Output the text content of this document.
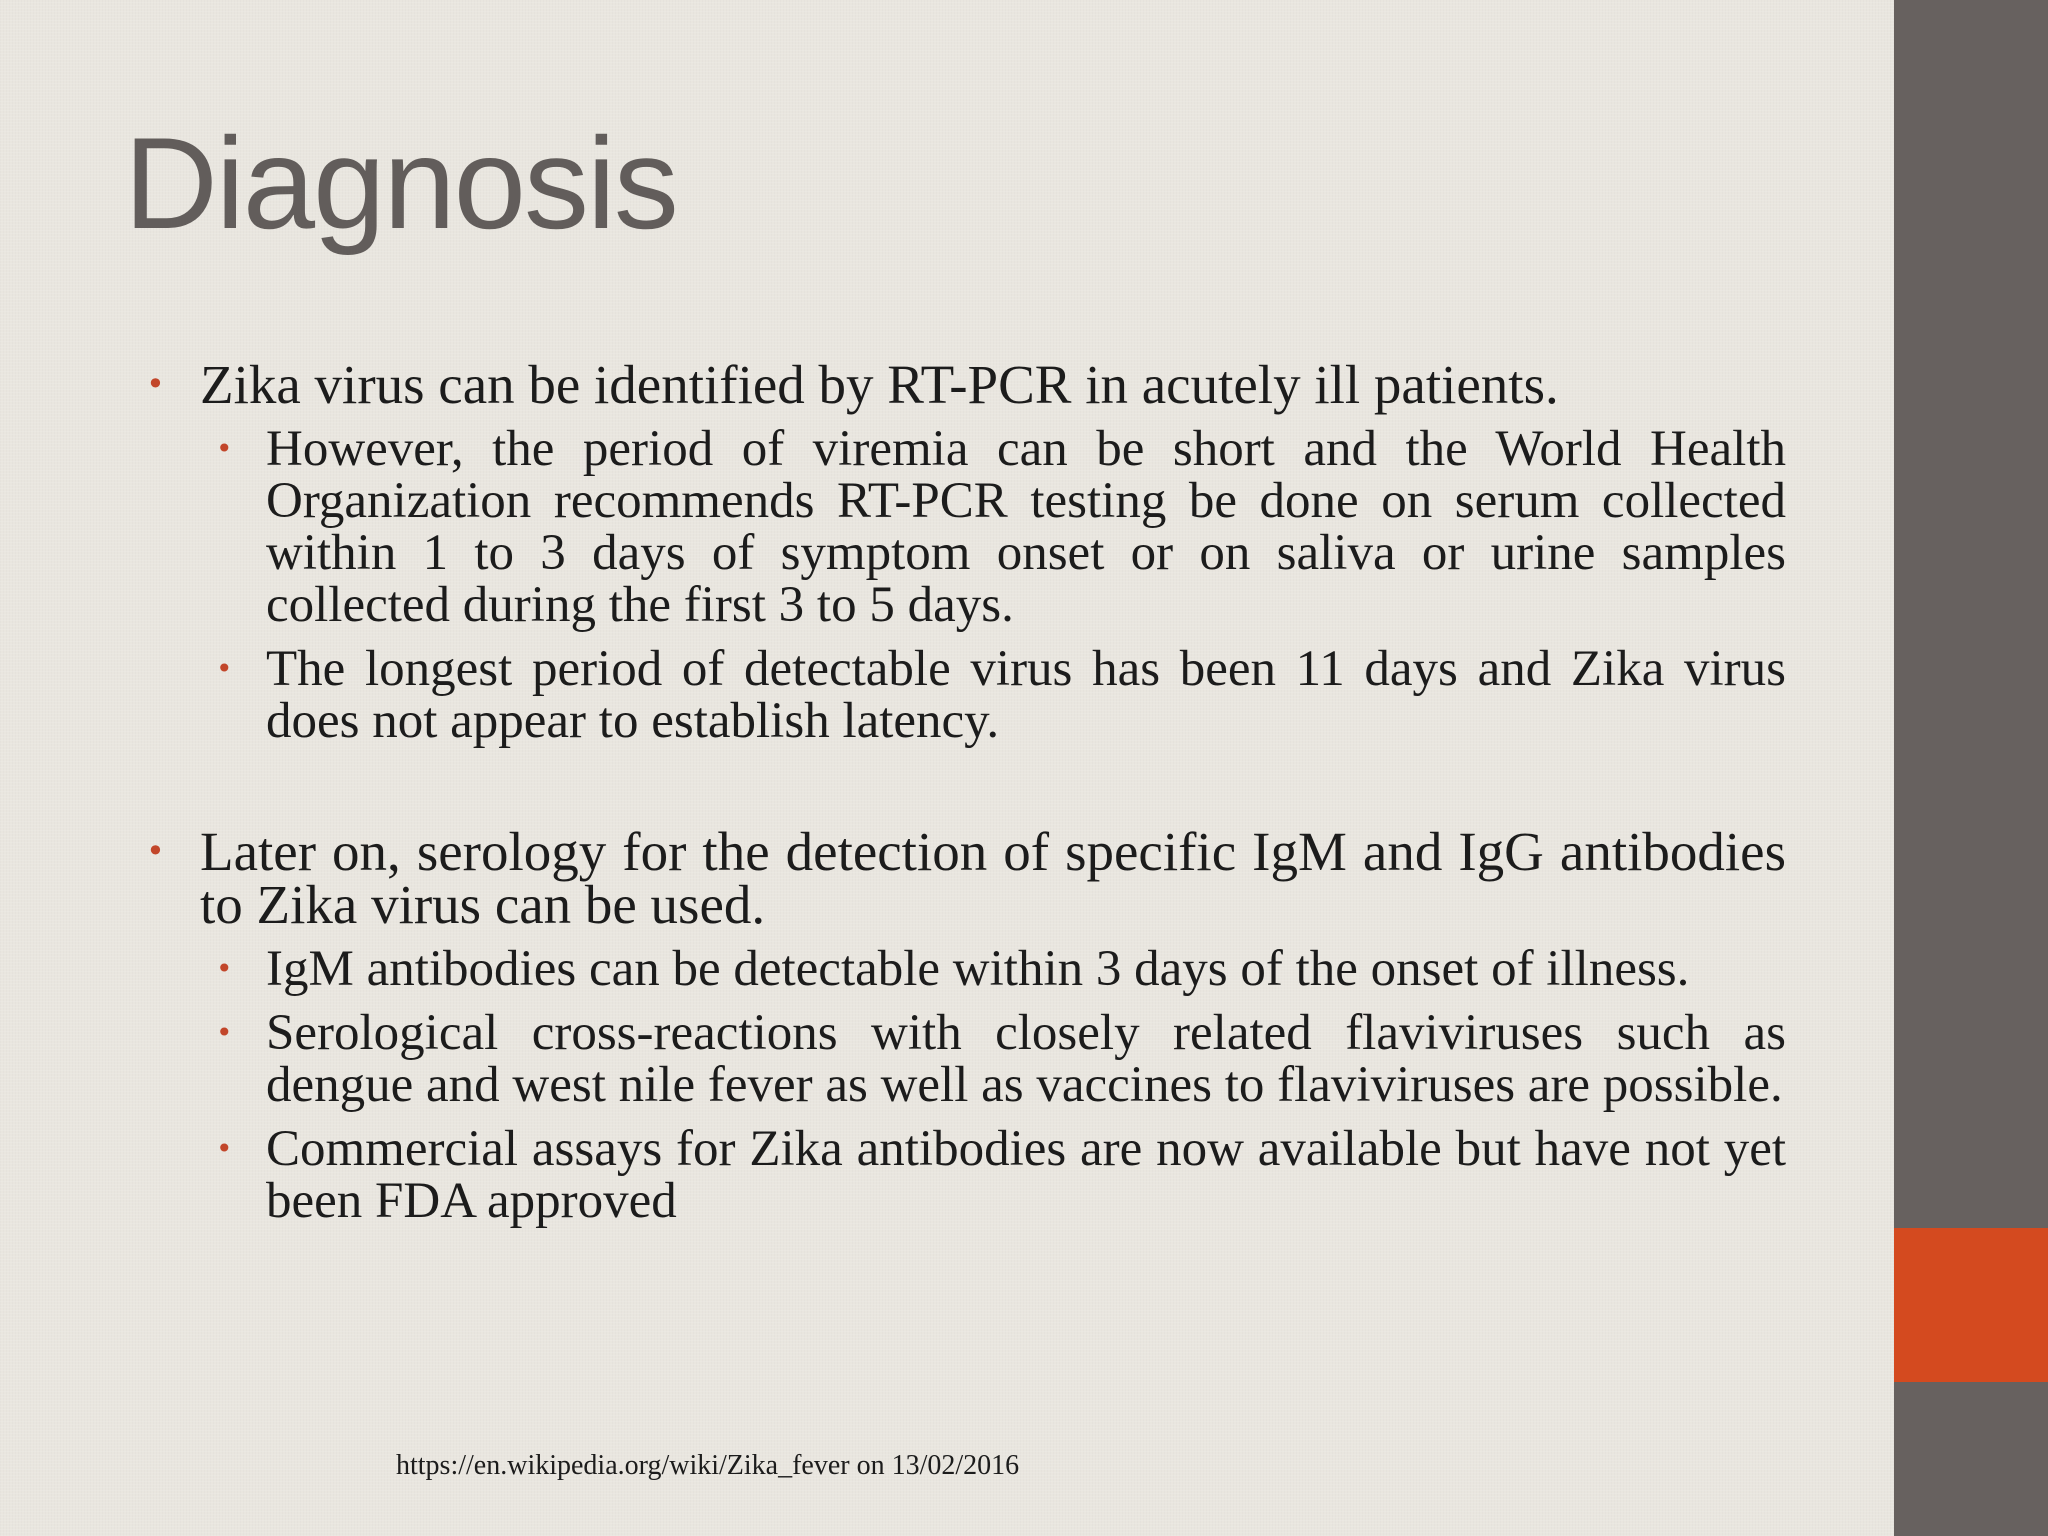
Diagnosis
• Zika virus can be identified by RT-PCR in acutely ill patients.
• However, the period of viremia can be short and the World Health Organization recommends RT-PCR testing be done on serum collected within 1 to 3 days of symptom onset or on saliva or urine samples collected during the first 3 to 5 days.
• The longest period of detectable virus has been 11 days and Zika virus does not appear to establish latency.
• Later on, serology for the detection of specific IgM and IgG antibodies to Zika virus can be used.
• IgM antibodies can be detectable within 3 days of the onset of illness.
• Serological cross-reactions with closely related flaviviruses such as dengue and west nile fever as well as vaccines to flaviviruses are possible.
• Commercial assays for Zika antibodies are now available but have not yet been FDA approved
https://en.wikipedia.org/wiki/Zika_fever on 13/02/2016
